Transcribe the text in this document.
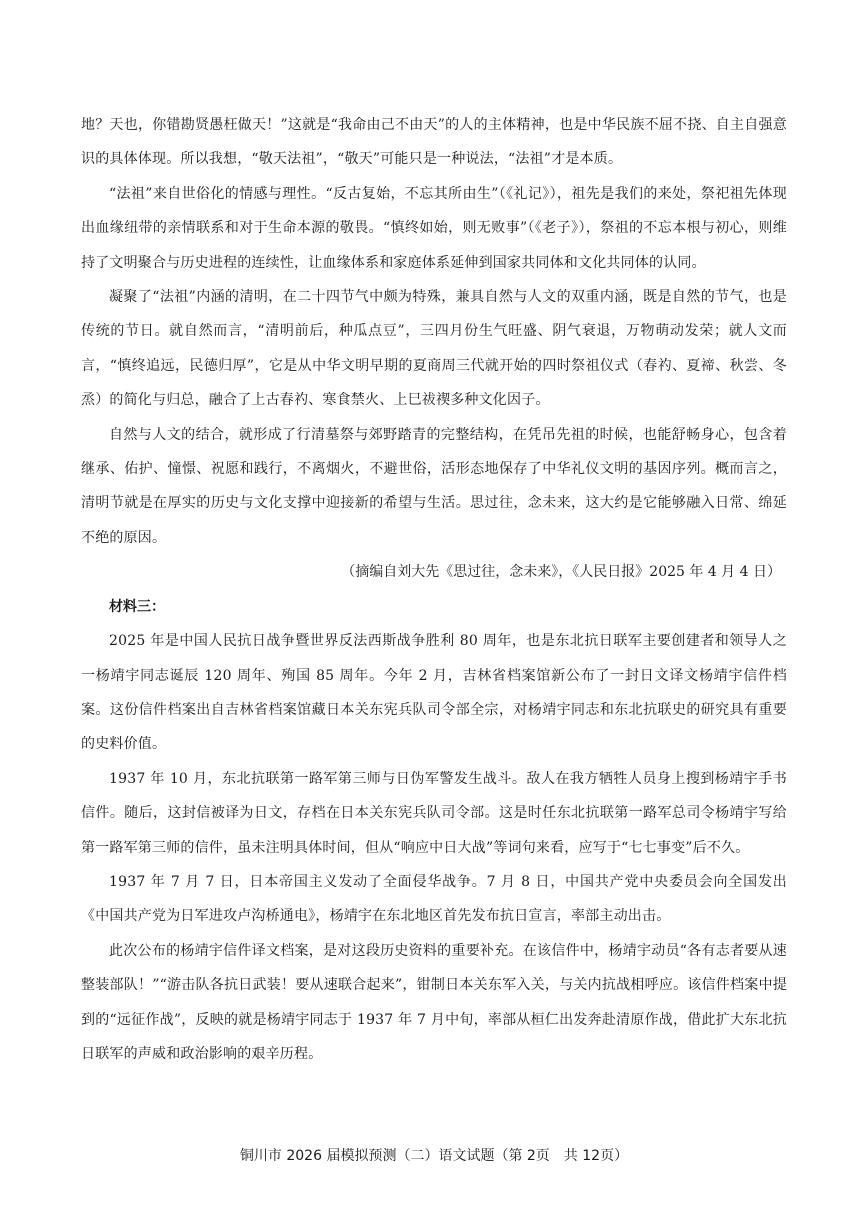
地？天也，你错勘贤愚枉做天！”这就是“我命由己不由天”的人的主体精神，也是中华民族不屈不挠、自主自强意识的具体体现。所以我想，“敬天法祖”，“敬天”可能只是一种说法，“法祖”才是本质。

“法祖”来自世俗化的情感与理性。“反古复始，不忘其所由生”（《礼记》），祖先是我们的来处，祭祀祖先体现出血缘纽带的亲情联系和对于生命本源的敬畏。“慎终如始，则无败事”（《老子》），祭祖的不忘本根与初心，则维持了文明聚合与历史进程的连续性，让血缘体系和家庭体系延伸到国家共同体和文化共同体的认同。

凝聚了“法祖”内涵的清明，在二十四节气中颇为特殊，兼具自然与人文的双重内涵，既是自然的节气，也是传统的节日。就自然而言，“清明前后，种瓜点豆”，三四月份生气旺盛、阴气衰退，万物萌动发荣；就人文而言，“慎终追远，民德归厚”，它是从中华文明早期的夏商周三代就开始的四时祭祖仪式（春礿、夏禘、秋尝、冬烝）的简化与归总，融合了上古春礿、寒食禁火、上巳祓禊多种文化因子。

自然与人文的结合，就形成了行清墓祭与郊野踏青的完整结构，在凭吊先祖的时候，也能舒畅身心，包含着继承、佑护、憧憬、祝愿和践行，不离烟火，不避世俗，活形态地保存了中华礼仪文明的基因序列。概而言之，清明节就是在厚实的历史与文化支撑中迎接新的希望与生活。思过往，念未来，这大约是它能够融入日常、绵延不绝的原因。

（摘编自刘大先《思过往，念未来》，《人民日报》2025 年 4 月 4 日）

材料三：

2025 年是中国人民抗日战争暨世界反法西斯战争胜利 80 周年，也是东北抗日联军主要创建者和领导人之一杨靖宇同志诞辰 120 周年、殉国 85 周年。今年 2 月，吉林省档案馆新公布了一封日文译文杨靖宇信件档案。这份信件档案出自吉林省档案馆藏日本关东宪兵队司令部全宗，对杨靖宇同志和东北抗联史的研究具有重要的史料价值。

1937 年 10 月，东北抗联第一路军第三师与日伪军警发生战斗。敌人在我方牺牲人员身上搜到杨靖宇手书信件。随后，这封信被译为日文，存档在日本关东宪兵队司令部。这是时任东北抗联第一路军总司令杨靖宇写给第一路军第三师的信件，虽未注明具体时间，但从“响应中日大战”等词句来看，应写于“七七事变”后不久。

1937 年 7 月 7 日，日本帝国主义发动了全面侵华战争。7 月 8 日，中国共产党中央委员会向全国发出《中国共产党为日军进攻卢沟桥通电》，杨靖宇在东北地区首先发布抗日宣言，率部主动出击。

此次公布的杨靖宇信件译文档案，是对这段历史资料的重要补充。在该信件中，杨靖宇动员“各有志者要从速整装部队！”“游击队各抗日武装！要从速联合起来”，钳制日本关东军入关，与关内抗战相呼应。该信件档案中提到的“远征作战”，反映的就是杨靖宇同志于 1937 年 7 月中旬，率部从桓仁出发奔赴清原作战，借此扩大东北抗日联军的声威和政治影响的艰辛历程。

铜川市 2026 届模拟预测（二）语文试题（第 2页　共 12页）
